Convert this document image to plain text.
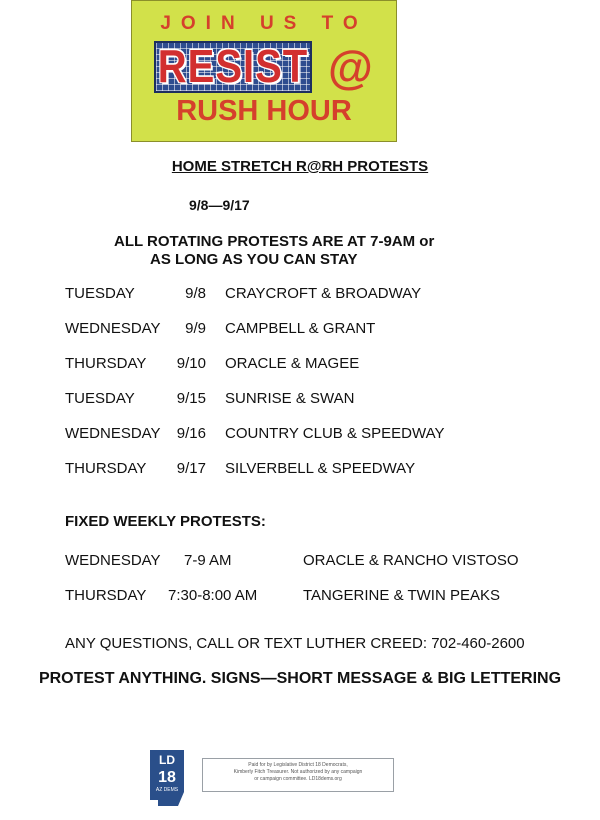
JOIN US TO
RESIST @
RUSH HOUR
HOME STRETCH R@RH PROTESTS
9/8—9/17
ALL ROTATING PROTESTS ARE AT 7-9AM or
AS LONG AS YOU CAN STAY
TUESDAY	9/8 CRAYCROFT & BROADWAY
WEDNESDAY 9/9 CAMPBELL & GRANT
THURSDAY 9/10 ORACLE & MAGEE
TUESDAY	9/15 SUNRISE & SWAN
WEDNESDAY 9/16 COUNTRY CLUB & SPEEDWAY
THURSDAY 9/17 SILVERBELL & SPEEDWAY
FIXED WEEKLY PROTESTS:
WEDNESDAY 7-9 AM	ORACLE & RANCHO VISTOSO
THURSDAY 7:30-8:00 AM	TANGERINE & TWIN PEAKS
ANY QUESTIONS, CALL OR TEXT LUTHER CREED: 702-460-2600
PROTEST ANYTHING. SIGNS—SHORT MESSAGE & BIG LETTERING
LD
18
AZ DEMS
Paid for by Legislative District 18 Democrats,
Kimberly Fitch Treasurer. Not authorized by any campaign
or campaign committee. LD18dems.org
